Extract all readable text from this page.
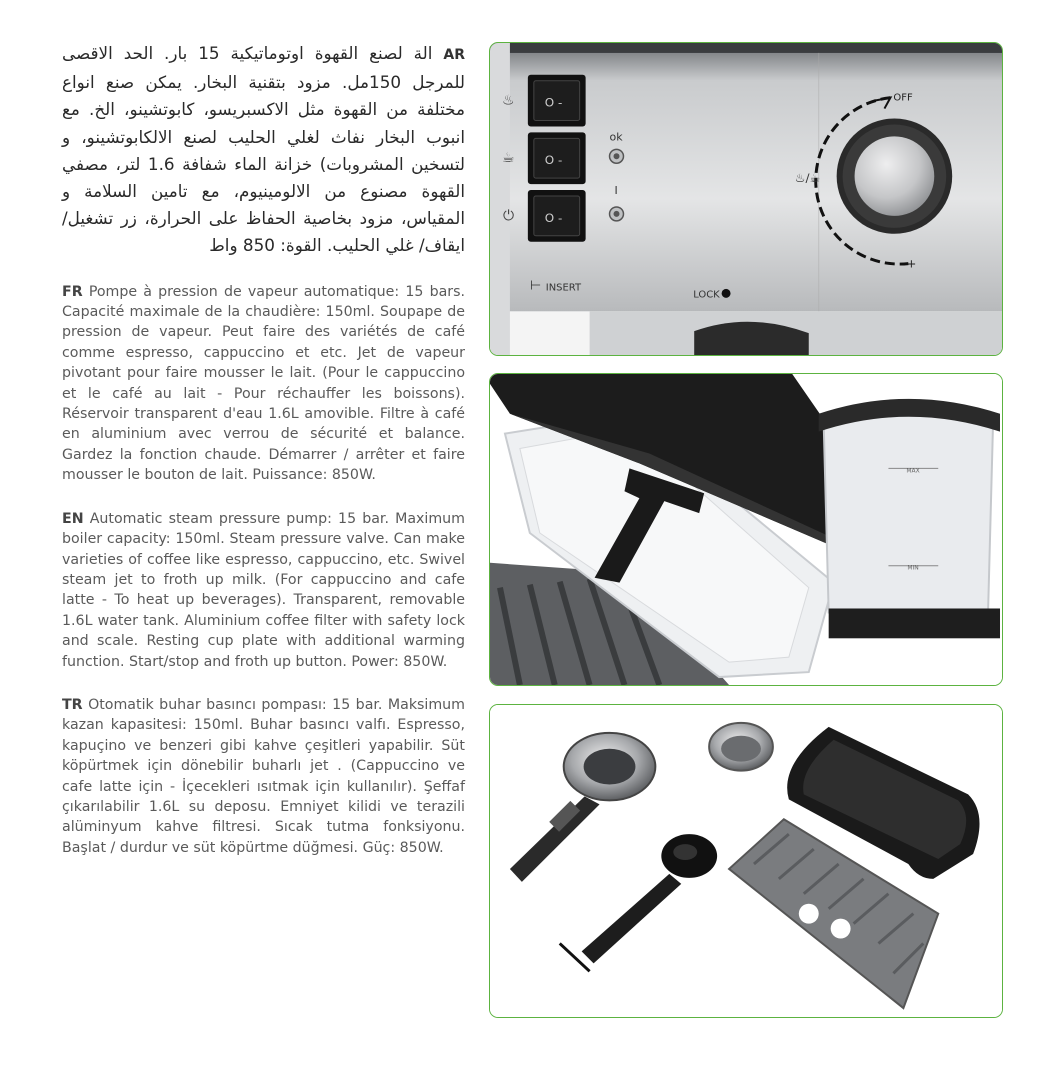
AR الة لصنع القهوة اوتوماتيكية 15 بار. الحد الاقصى للمرجل 150مل. مزود بتقنية البخار. يمكن صنع انواع مختلفة من القهوة مثل الاكسبريسو، كابوتشينو، الخ. مع انبوب البخار نفاث لغلي الحليب لصنع الالكابوتشينو، و لتسخين المشروبات) خزانة الماء شفافة 1.6 لتر، مصفي القهوة مصنوع من الالومينيوم، مع تامين السلامة و المقياس، مزود بخاصية الحفاظ على الحرارة، زر تشغيل/ ايقاف/ غلي الحليب. القوة: 850 واط

FR Pompe à pression de vapeur automatique: 15 bars. Capacité maximale de la chaudière: 150ml. Soupape de pression de vapeur. Peut faire des variétés de café comme espresso, cappuccino et etc. Jet de vapeur pivotant pour faire mousser le lait. (Pour le cappuccino et le café au lait - Pour réchauffer les boissons). Réservoir transparent d'eau 1.6L amovible. Filtre à café en aluminium avec verrou de sécurité et balance. Gardez la fonction chaude. Démarrer / arrêter et faire mousser le bouton de lait. Puissance: 850W.

EN Automatic steam pressure pump: 15 bar. Maximum boiler capacity: 150ml. Steam pressure valve. Can make varieties of coffee like espresso, cappuccino, etc. Swivel steam jet to froth up milk. (For cappuccino and cafe latte - To heat up beverages). Transparent, removable 1.6L water tank. Aluminium coffee filter with safety lock and scale. Resting cup plate with additional warming function. Start/stop and froth up button. Power: 850W.

TR Otomatik buhar basıncı pompası: 15 bar. Maksimum kazan kapasitesi: 150ml. Buhar basıncı valfı. Espresso, kapuçino ve benzeri gibi kahve çeşitleri yapabilir. Süt köpürtmek için dönebilir buharlı jet . (Cappuccino ve cafe latte için - İçecekleri ısıtmak için kullanılır). Şeffaf çıkarılabilir 1.6L su deposu. Emniyet kilidi ve terazili alüminyum kahve filtresi. Sıcak tutma fonksiyonu. Başlat / durdur ve süt köpürtme düğmesi. Güç: 850W.

O -
O -
O -
♨
☕
⏻
ok
I
⊢ INSERT
LOCK
OFF
+
♨/☕
MAX
MIN
